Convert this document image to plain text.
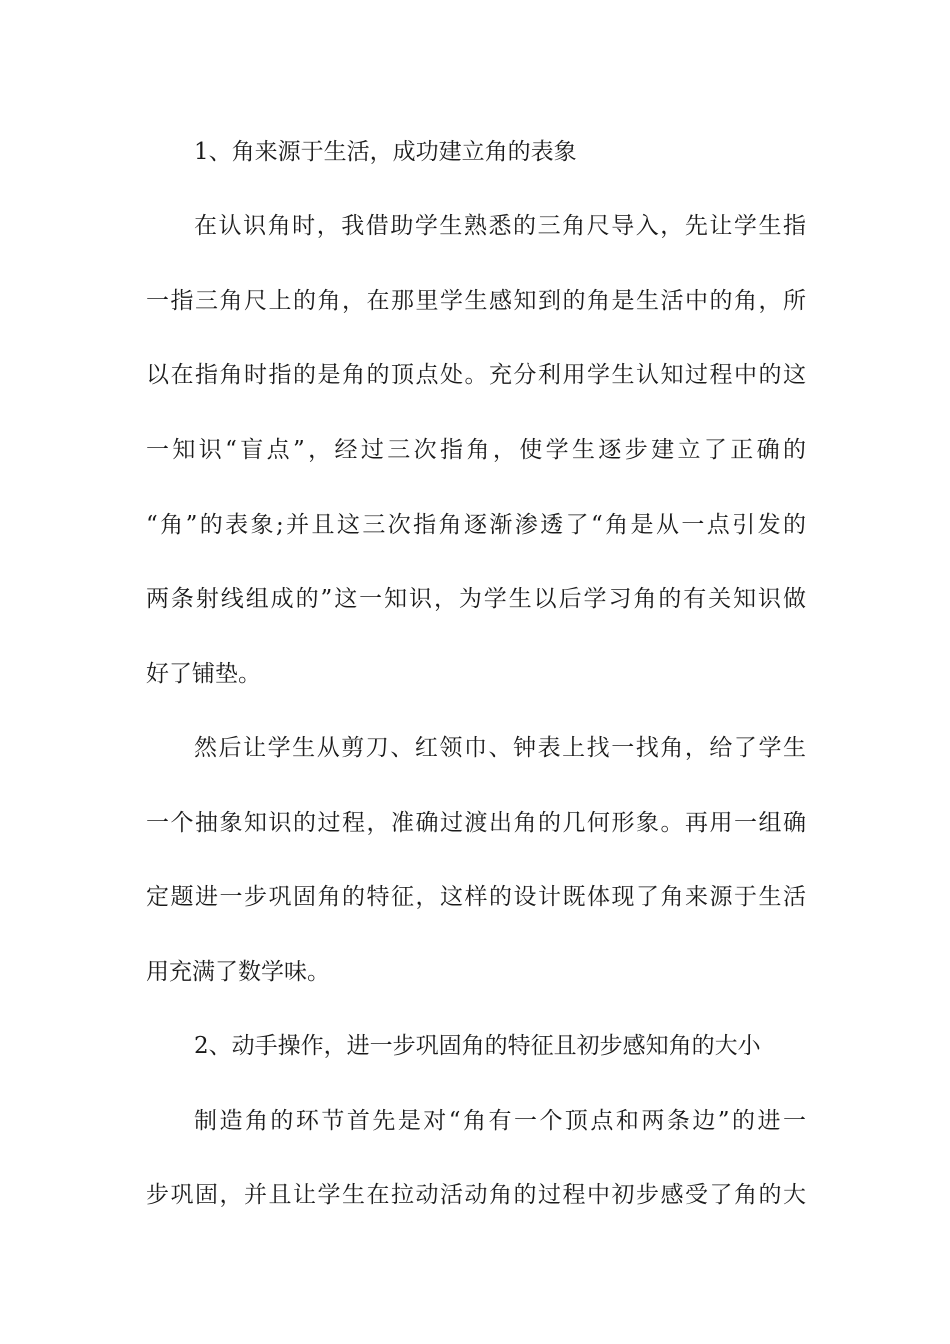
1、角来源于生活，成功建立角的表象
在认识角时，我借助学生熟悉的三角尺导入，先让学生指
一指三角尺上的角，在那里学生感知到的角是生活中的角，所
以在指角时指的是角的顶点处。充分利用学生认知过程中的这
一知识“盲点”，经过三次指角，使学生逐步建立了正确的
“角”的表象;并且这三次指角逐渐渗透了“角是从一点引发的
两条射线组成的”这一知识，为学生以后学习角的有关知识做
好了铺垫。
然后让学生从剪刀、红领巾、钟表上找一找角，给了学生
一个抽象知识的过程，准确过渡出角的几何形象。再用一组确
定题进一步巩固角的特征，这样的设计既体现了角来源于生活
用充满了数学味。
2、动手操作，进一步巩固角的特征且初步感知角的大小
制造角的环节首先是对“角有一个顶点和两条边”的进一
步巩固，并且让学生在拉动活动角的过程中初步感受了角的大
